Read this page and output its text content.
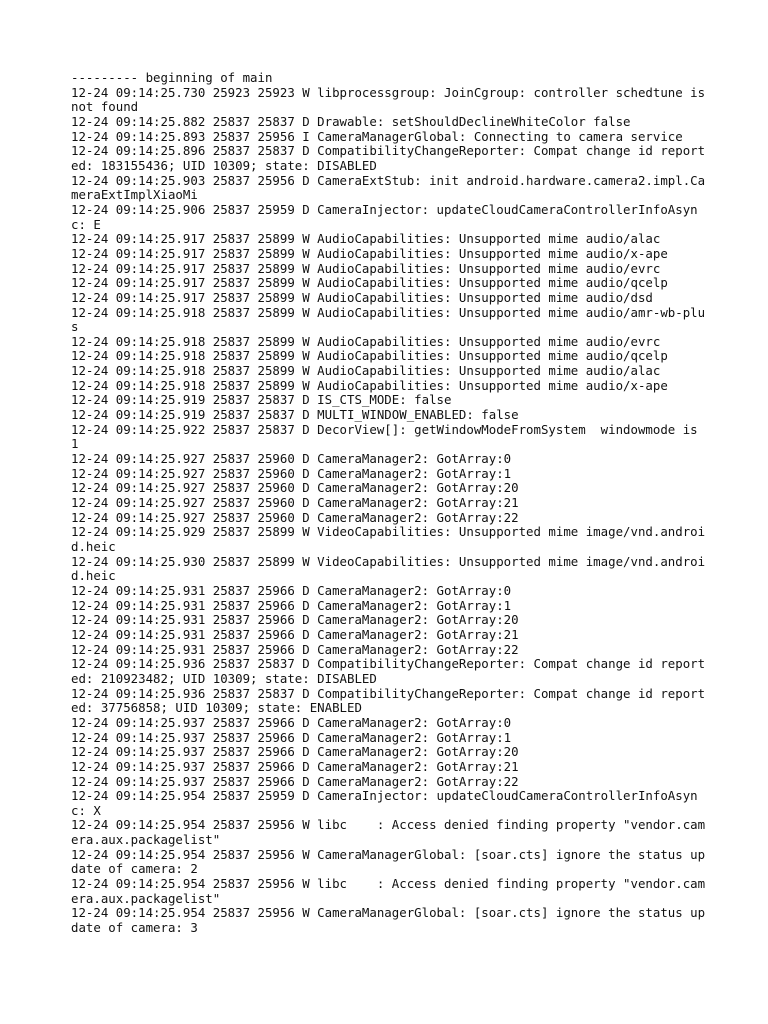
--------- beginning of main

12-24 09:14:25.730 25923 25923 W libprocessgroup: JoinCgroup: controller schedtune is not found

12-24 09:14:25.882 25837 25837 D Drawable: setShouldDeclineWhiteColor false

12-24 09:14:25.893 25837 25956 I CameraManagerGlobal: Connecting to camera service

12-24 09:14:25.896 25837 25837 D CompatibilityChangeReporter: Compat change id reported: 183155436; UID 10309; state: DISABLED

12-24 09:14:25.903 25837 25956 D CameraExtStub: init android.hardware.camera2.impl.CameraExtImplXiaoMi

12-24 09:14:25.906 25837 25959 D CameraInjector: updateCloudCameraControllerInfoAsync: E

12-24 09:14:25.917 25837 25899 W AudioCapabilities: Unsupported mime audio/alac

12-24 09:14:25.917 25837 25899 W AudioCapabilities: Unsupported mime audio/x-ape

12-24 09:14:25.917 25837 25899 W AudioCapabilities: Unsupported mime audio/evrc

12-24 09:14:25.917 25837 25899 W AudioCapabilities: Unsupported mime audio/qcelp

12-24 09:14:25.917 25837 25899 W AudioCapabilities: Unsupported mime audio/dsd

12-24 09:14:25.918 25837 25899 W AudioCapabilities: Unsupported mime audio/amr-wb-plus

12-24 09:14:25.918 25837 25899 W AudioCapabilities: Unsupported mime audio/evrc

12-24 09:14:25.918 25837 25899 W AudioCapabilities: Unsupported mime audio/qcelp

12-24 09:14:25.918 25837 25899 W AudioCapabilities: Unsupported mime audio/alac

12-24 09:14:25.918 25837 25899 W AudioCapabilities: Unsupported mime audio/x-ape

12-24 09:14:25.919 25837 25837 D IS_CTS_MODE: false

12-24 09:14:25.919 25837 25837 D MULTI_WINDOW_ENABLED: false

12-24 09:14:25.922 25837 25837 D DecorView[]: getWindowModeFromSystem  windowmode is 1

12-24 09:14:25.927 25837 25960 D CameraManager2: GotArray:0

12-24 09:14:25.927 25837 25960 D CameraManager2: GotArray:1

12-24 09:14:25.927 25837 25960 D CameraManager2: GotArray:20

12-24 09:14:25.927 25837 25960 D CameraManager2: GotArray:21

12-24 09:14:25.927 25837 25960 D CameraManager2: GotArray:22

12-24 09:14:25.929 25837 25899 W VideoCapabilities: Unsupported mime image/vnd.android.heic

12-24 09:14:25.930 25837 25899 W VideoCapabilities: Unsupported mime image/vnd.android.heic

12-24 09:14:25.931 25837 25966 D CameraManager2: GotArray:0

12-24 09:14:25.931 25837 25966 D CameraManager2: GotArray:1

12-24 09:14:25.931 25837 25966 D CameraManager2: GotArray:20

12-24 09:14:25.931 25837 25966 D CameraManager2: GotArray:21

12-24 09:14:25.931 25837 25966 D CameraManager2: GotArray:22

12-24 09:14:25.936 25837 25837 D CompatibilityChangeReporter: Compat change id reported: 210923482; UID 10309; state: DISABLED

12-24 09:14:25.936 25837 25837 D CompatibilityChangeReporter: Compat change id reported: 37756858; UID 10309; state: ENABLED

12-24 09:14:25.937 25837 25966 D CameraManager2: GotArray:0

12-24 09:14:25.937 25837 25966 D CameraManager2: GotArray:1

12-24 09:14:25.937 25837 25966 D CameraManager2: GotArray:20

12-24 09:14:25.937 25837 25966 D CameraManager2: GotArray:21

12-24 09:14:25.937 25837 25966 D CameraManager2: GotArray:22

12-24 09:14:25.954 25837 25959 D CameraInjector: updateCloudCameraControllerInfoAsync: X

12-24 09:14:25.954 25837 25956 W libc    : Access denied finding property "vendor.camera.aux.packagelist"

12-24 09:14:25.954 25837 25956 W CameraManagerGlobal: [soar.cts] ignore the status update of camera: 2

12-24 09:14:25.954 25837 25956 W libc    : Access denied finding property "vendor.camera.aux.packagelist"

12-24 09:14:25.954 25837 25956 W CameraManagerGlobal: [soar.cts] ignore the status update of camera: 3
